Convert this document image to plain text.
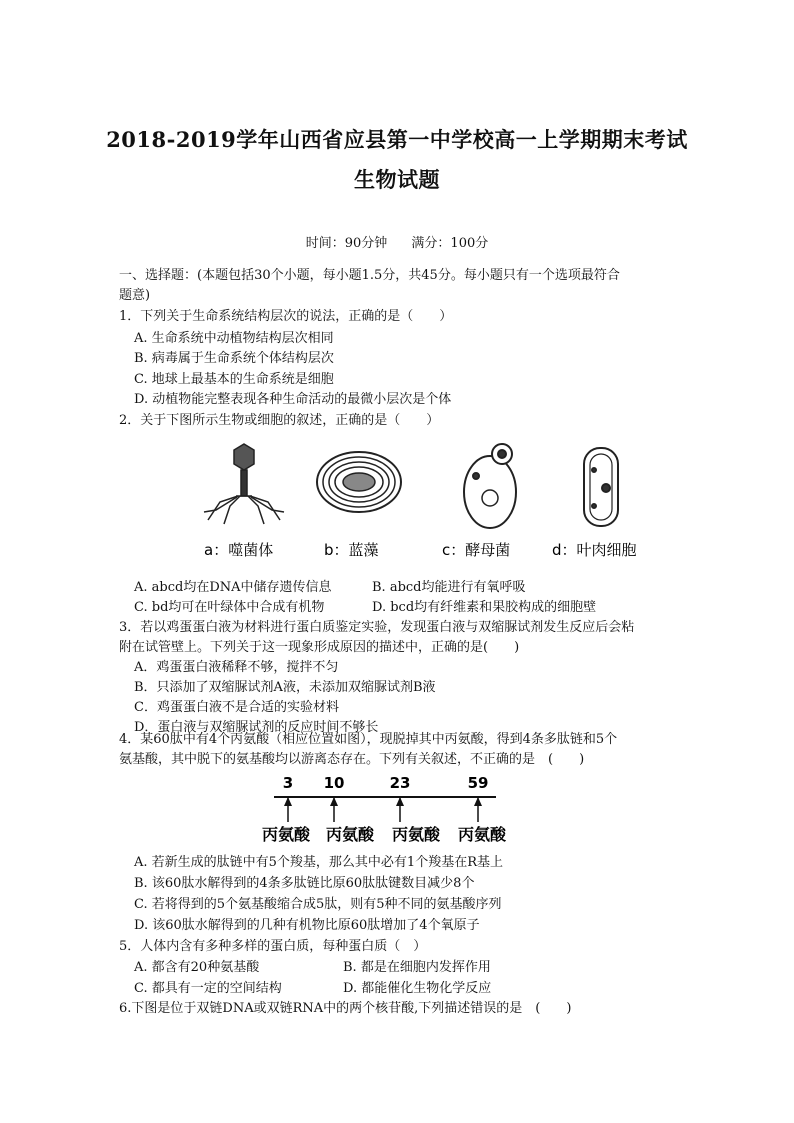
2018-2019学年山西省应县第一中学校高一上学期期末考试
生物试题
时间：90分钟 满分：100分
一、选择题：(本题包括30个小题，每小题1.5分，共45分。每小题只有一个选项最符合
题意)
1．下列关于生命系统结构层次的说法，正确的是（　　）
A. 生命系统中动植物结构层次相同
B. 病毒属于生命系统个体结构层次
C. 地球上最基本的生命系统是细胞
D. 动植物能完整表现各种生命活动的最微小层次是个体
2．关于下图所示生物或细胞的叙述，正确的是（　　）
a：噬菌体	b：蓝藻	c：酵母菌	d：叶肉细胞
A. abcd均在DNA中储存遗传信息	B. abcd均能进行有氧呼吸
C. bd均可在叶绿体中合成有机物	D. bcd均有纤维素和果胶构成的细胞壁
3．若以鸡蛋蛋白液为材料进行蛋白质鉴定实验，发现蛋白液与双缩脲试剂发生反应后会粘
附在试管壁上。下列关于这一现象形成原因的描述中，正确的是(　　)
A．鸡蛋蛋白液稀释不够，搅拌不匀
B．只添加了双缩脲试剂A液，未添加双缩脲试剂B液
C．鸡蛋蛋白液不是合适的实验材料
D．蛋白液与双缩脲试剂的反应时间不够长
4．某60肽中有4个丙氨酸（相应位置如图），现脱掉其中丙氨酸，得到4条多肽链和5个
氨基酸，其中脱下的氨基酸均以游离态存在。下列有关叙述，不正确的是　(　　)
3 10	23	59
丙氨酸 丙氨酸 丙氨酸 丙氨酸
A. 若新生成的肽链中有5个羧基，那么其中必有1个羧基在R基上
B. 该60肽水解得到的4条多肽链比原60肽肽键数目减少8个
C. 若将得到的5个氨基酸缩合成5肽，则有5种不同的氨基酸序列
D. 该60肽水解得到的几种有机物比原60肽增加了4个氧原子
5．人体内含有多种多样的蛋白质，每种蛋白质（　）
A. 都含有20种氨基酸	B. 都是在细胞内发挥作用
C. 都具有一定的空间结构	D. 都能催化生物化学反应
6.下图是位于双链DNA或双链RNA中的两个核苷酸,下列描述错误的是　(　　)
